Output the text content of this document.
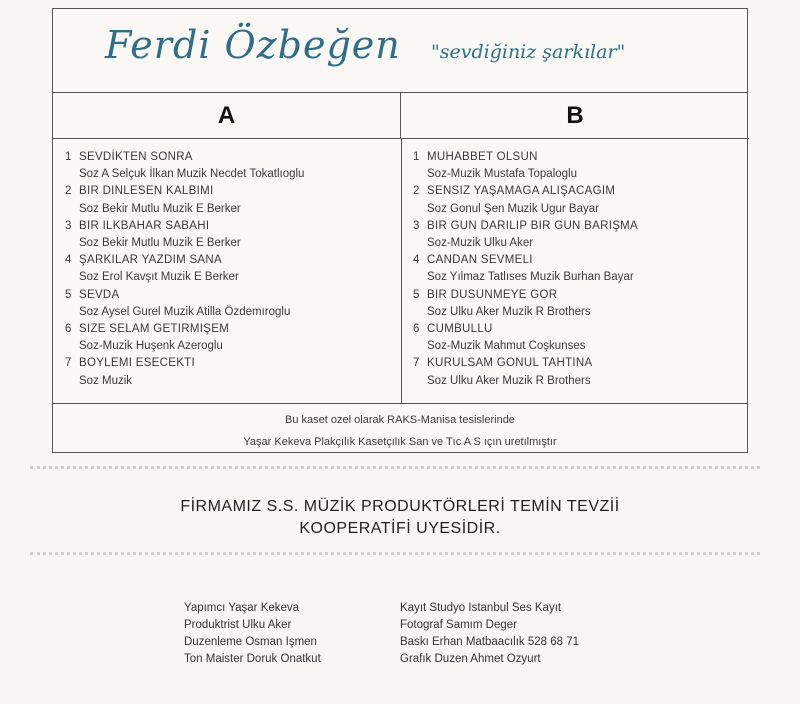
Ferdi Özbeğen "sevdiğiniz şarkılar"
A	B
1 SEVDİKTEN SONRA
Soz A Selçuk İlkan Muzik Necdet Tokatlıoglu
2 BIR DINLESEN KALBIMI
Soz Bekir Mutlu Muzik E Berker
3 BIR ILKBAHAR SABAHI
Soz Bekir Mutlu Muzik E Berker
4 ŞARKILAR YAZDIM SANA
Soz Erol Kavşıt Muzik E Berker
5 SEVDA
Soz Aysel Gurel Muzik Atilla Özdemıroglu
6 SIZE SELAM GETIRMIŞEM
Soz-Muzik Huşenk Azeroglu
7 BOYLEMI ESECEKTI
Soz Muzik
1 MUHABBET OLSUN
Soz-Muzik Mustafa Topaloglu
2 SENSIZ YAŞAMAGA ALIŞACAGIM
Soz Gonul Şen Muzik Ugur Bayar
3 BIR GUN DARILIP BIR GUN BARIŞMA
Soz-Muzik Ulku Aker
4 CANDAN SEVMELI
Soz Yılmaz Tatlıses Muzik Burhan Bayar
5 BIR DUSUNMEYE GOR
Soz Ulku Aker Muzik R Brothers
6 CUMBULLU
Soz-Muzik Mahmut Coşkunses
7 KURULSAM GONUL TAHTINA
Soz Ulku Aker Muzik R Brothers
Bu kaset ozel olarak RAKS-Manisa tesislerinde
Yaşar Kekeva Plakçılık Kasetçılık San ve Tıc A S ıçın uretılmıştır
FİRMAMIZ S.S. MÜZİK PRODUKTÖRLERİ TEMİN TEVZİİ
KOOPERATİFİ UYESİDİR.
Yapımcı Yaşar Kekeva
Produktrist Ulku Aker
Duzenleme Osman Işmen
Ton Maister Doruk Onatkut
Kayıt Studyo Istanbul Ses Kayıt
Fotograf Samım Deger
Baskı Erhan Matbaacılık 528 68 71
Grafık Duzen Ahmet Ozyurt
